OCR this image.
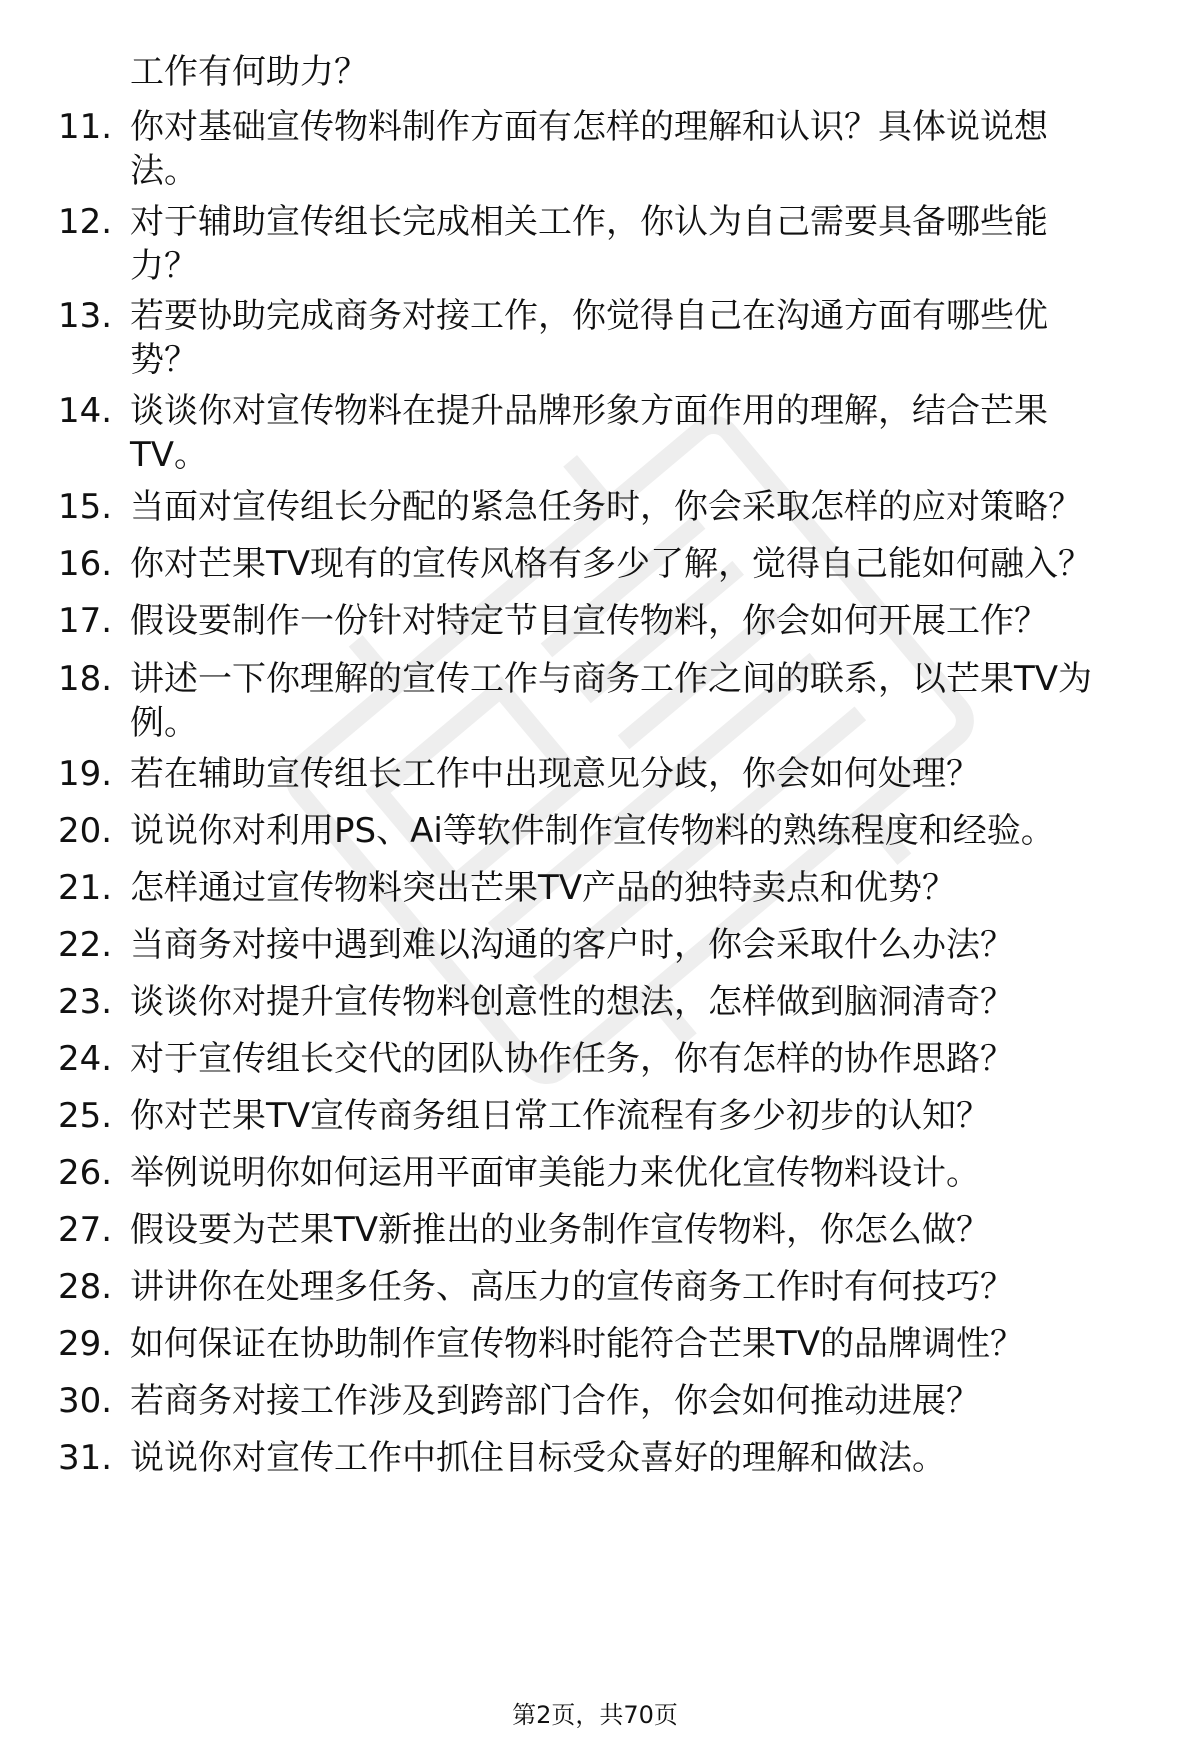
工作有何助力？

11. 你对基础宣传物料制作方面有怎样的理解和认识？具体说说想
法。
12. 对于辅助宣传组长完成相关工作，你认为自己需要具备哪些能
力？
13. 若要协助完成商务对接工作，你觉得自己在沟通方面有哪些优
势？
14. 谈谈你对宣传物料在提升品牌形象方面作用的理解，结合芒果
TV。
15. 当面对宣传组长分配的紧急任务时，你会采取怎样的应对策略？
16. 你对芒果TV现有的宣传风格有多少了解，觉得自己能如何融入？
17. 假设要制作一份针对特定节目宣传物料，你会如何开展工作？
18. 讲述一下你理解的宣传工作与商务工作之间的联系，以芒果TV为
例。
19. 若在辅助宣传组长工作中出现意见分歧，你会如何处理？
20. 说说你对利用PS、Ai等软件制作宣传物料的熟练程度和经验。
21. 怎样通过宣传物料突出芒果TV产品的独特卖点和优势？
22. 当商务对接中遇到难以沟通的客户时，你会采取什么办法？
23. 谈谈你对提升宣传物料创意性的想法，怎样做到脑洞清奇？
24. 对于宣传组长交代的团队协作任务，你有怎样的协作思路？
25. 你对芒果TV宣传商务组日常工作流程有多少初步的认知？
26. 举例说明你如何运用平面审美能力来优化宣传物料设计。
27. 假设要为芒果TV新推出的业务制作宣传物料，你怎么做？
28. 讲讲你在处理多任务、高压力的宣传商务工作时有何技巧？
29. 如何保证在协助制作宣传物料时能符合芒果TV的品牌调性？
30. 若商务对接工作涉及到跨部门合作，你会如何推动进展？
31. 说说你对宣传工作中抓住目标受众喜好的理解和做法。
第2页，共70页
